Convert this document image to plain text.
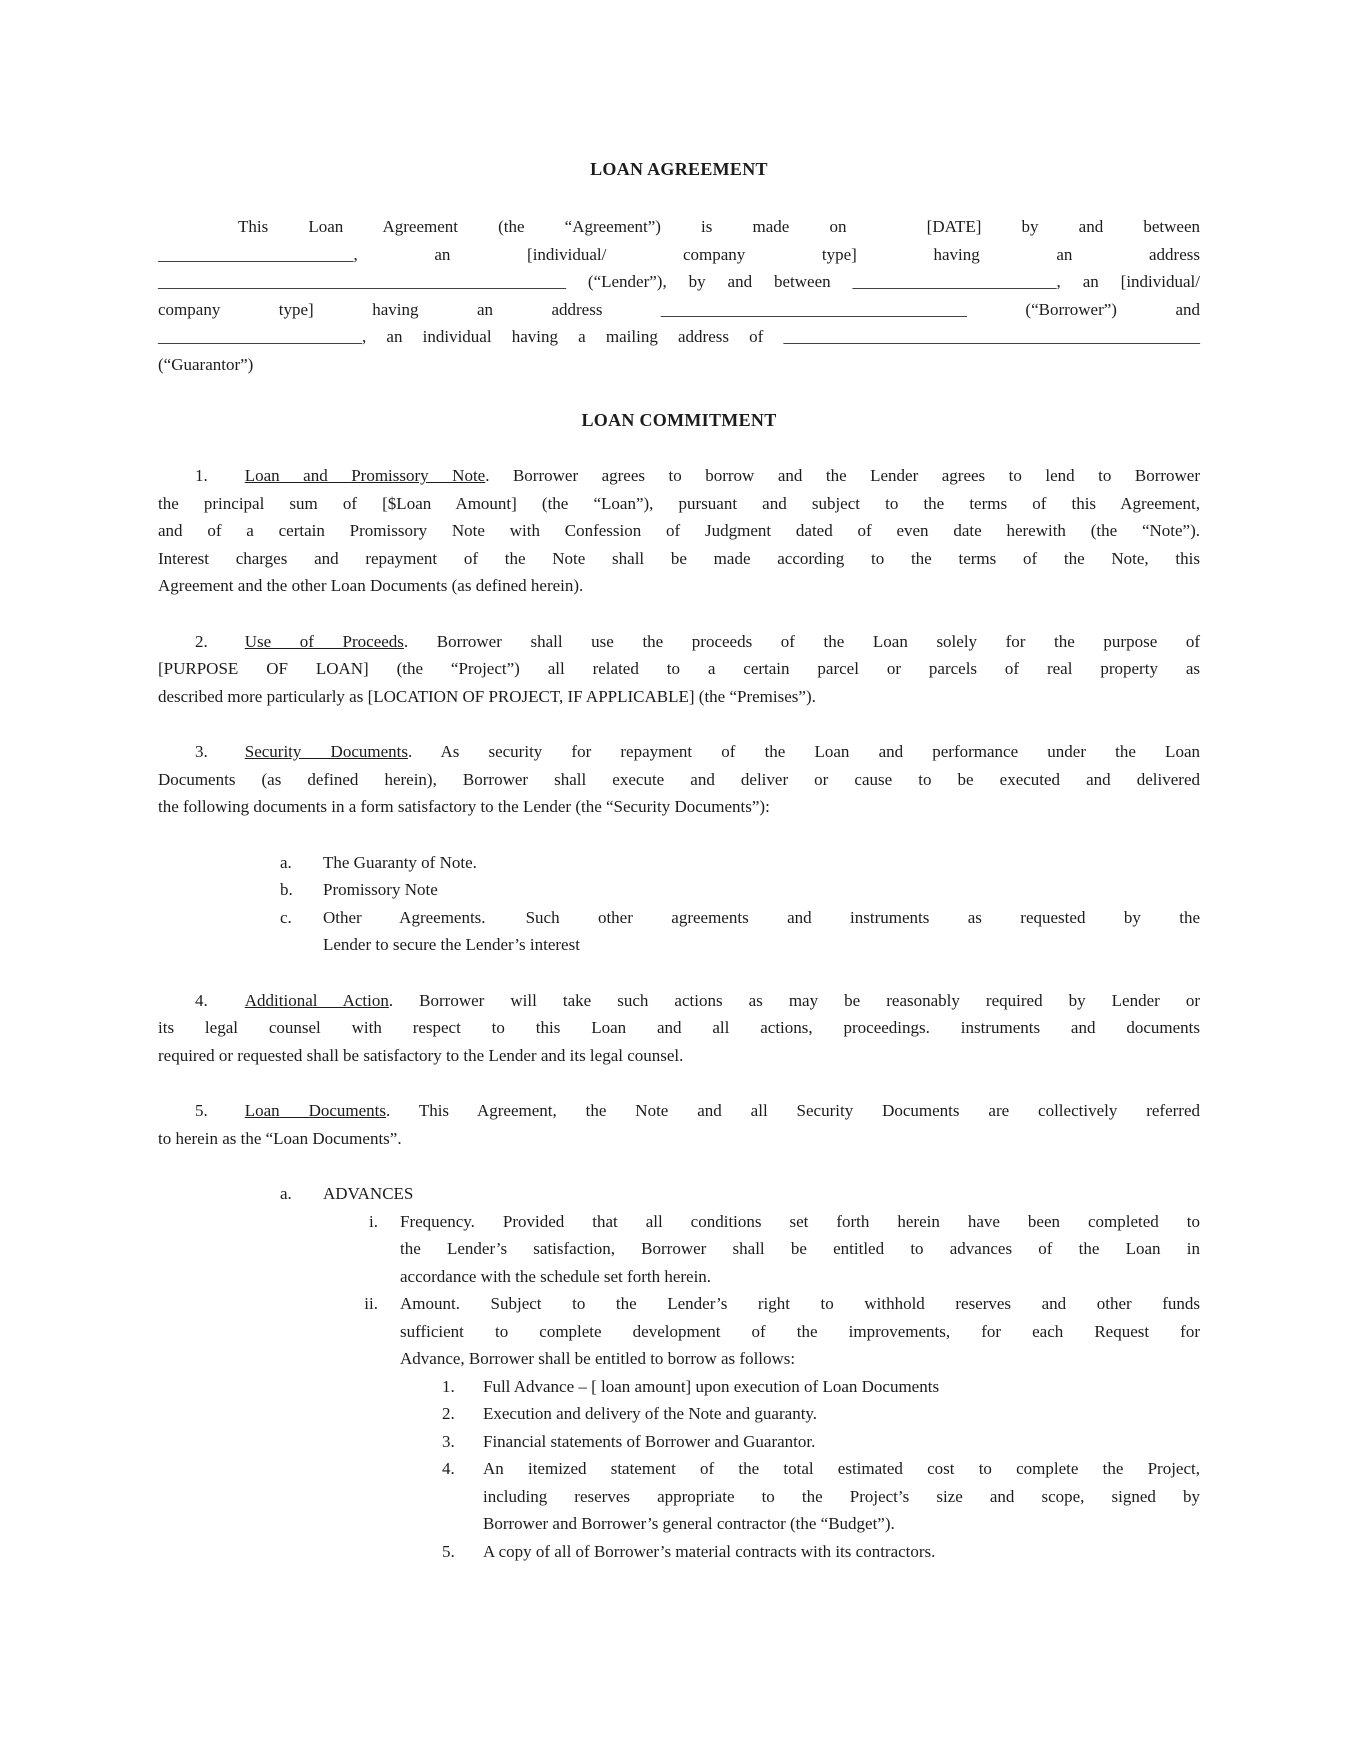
LOAN AGREEMENT
This Loan Agreement (the “Agreement”) is made on  [DATE] by and between
_______________________, an [individual/ company type] having an address
________________________________________________ (“Lender”), by and between ________________________, an [individual/
company type] having an address ____________________________________ (“Borrower”) and
________________________, an individual having a mailing address of _________________________________________________
(“Guarantor”)
LOAN COMMITMENT
1. Loan and Promissory Note. Borrower agrees to borrow and the Lender agrees to lend to Borrower
the principal sum of [$Loan Amount] (the “Loan”), pursuant and subject to the terms of this Agreement,
and of a certain Promissory Note with Confession of Judgment dated of even date herewith (the “Note”).
Interest charges and repayment of the Note shall be made according to the terms of the Note, this
Agreement and the other Loan Documents (as defined herein).
2. Use of Proceeds. Borrower shall use the proceeds of the Loan solely for the purpose of
[PURPOSE OF LOAN] (the “Project”) all related to a certain parcel or parcels of real property as
described more particularly as [LOCATION OF PROJECT, IF APPLICABLE] (the “Premises”).
3. Security Documents. As security for repayment of the Loan and performance under the Loan
Documents (as defined herein), Borrower shall execute and deliver or cause to be executed and delivered
the following documents in a form satisfactory to the Lender (the “Security Documents”):
a.	The Guaranty of Note.
b.	Promissory Note
c.	Other Agreements. Such other agreements and instruments as requested by the
Lender to secure the Lender’s interest
4. Additional Action. Borrower will take such actions as may be reasonably required by Lender or
its legal counsel with respect to this Loan and all actions, proceedings. instruments and documents
required or requested shall be satisfactory to the Lender and its legal counsel.
5. Loan Documents. This Agreement, the Note and all Security Documents are collectively referred
to herein as the “Loan Documents”.
a.	ADVANCES
i. Frequency. Provided that all conditions set forth herein have been completed to
the Lender’s satisfaction, Borrower shall be entitled to advances of the Loan in
accordance with the schedule set forth herein.
ii. Amount. Subject to the Lender’s right to withhold reserves and other funds
sufficient to complete development of the improvements, for each Request for
Advance, Borrower shall be entitled to borrow as follows:
1.	Full Advance – [ loan amount] upon execution of Loan Documents
2.	Execution and delivery of the Note and guaranty.
3.	Financial statements of Borrower and Guarantor.
4.	An itemized statement of the total estimated cost to complete the Project,
including reserves appropriate to the Project’s size and scope, signed by
Borrower and Borrower’s general contractor (the “Budget”).
5.	A copy of all of Borrower’s material contracts with its contractors.
